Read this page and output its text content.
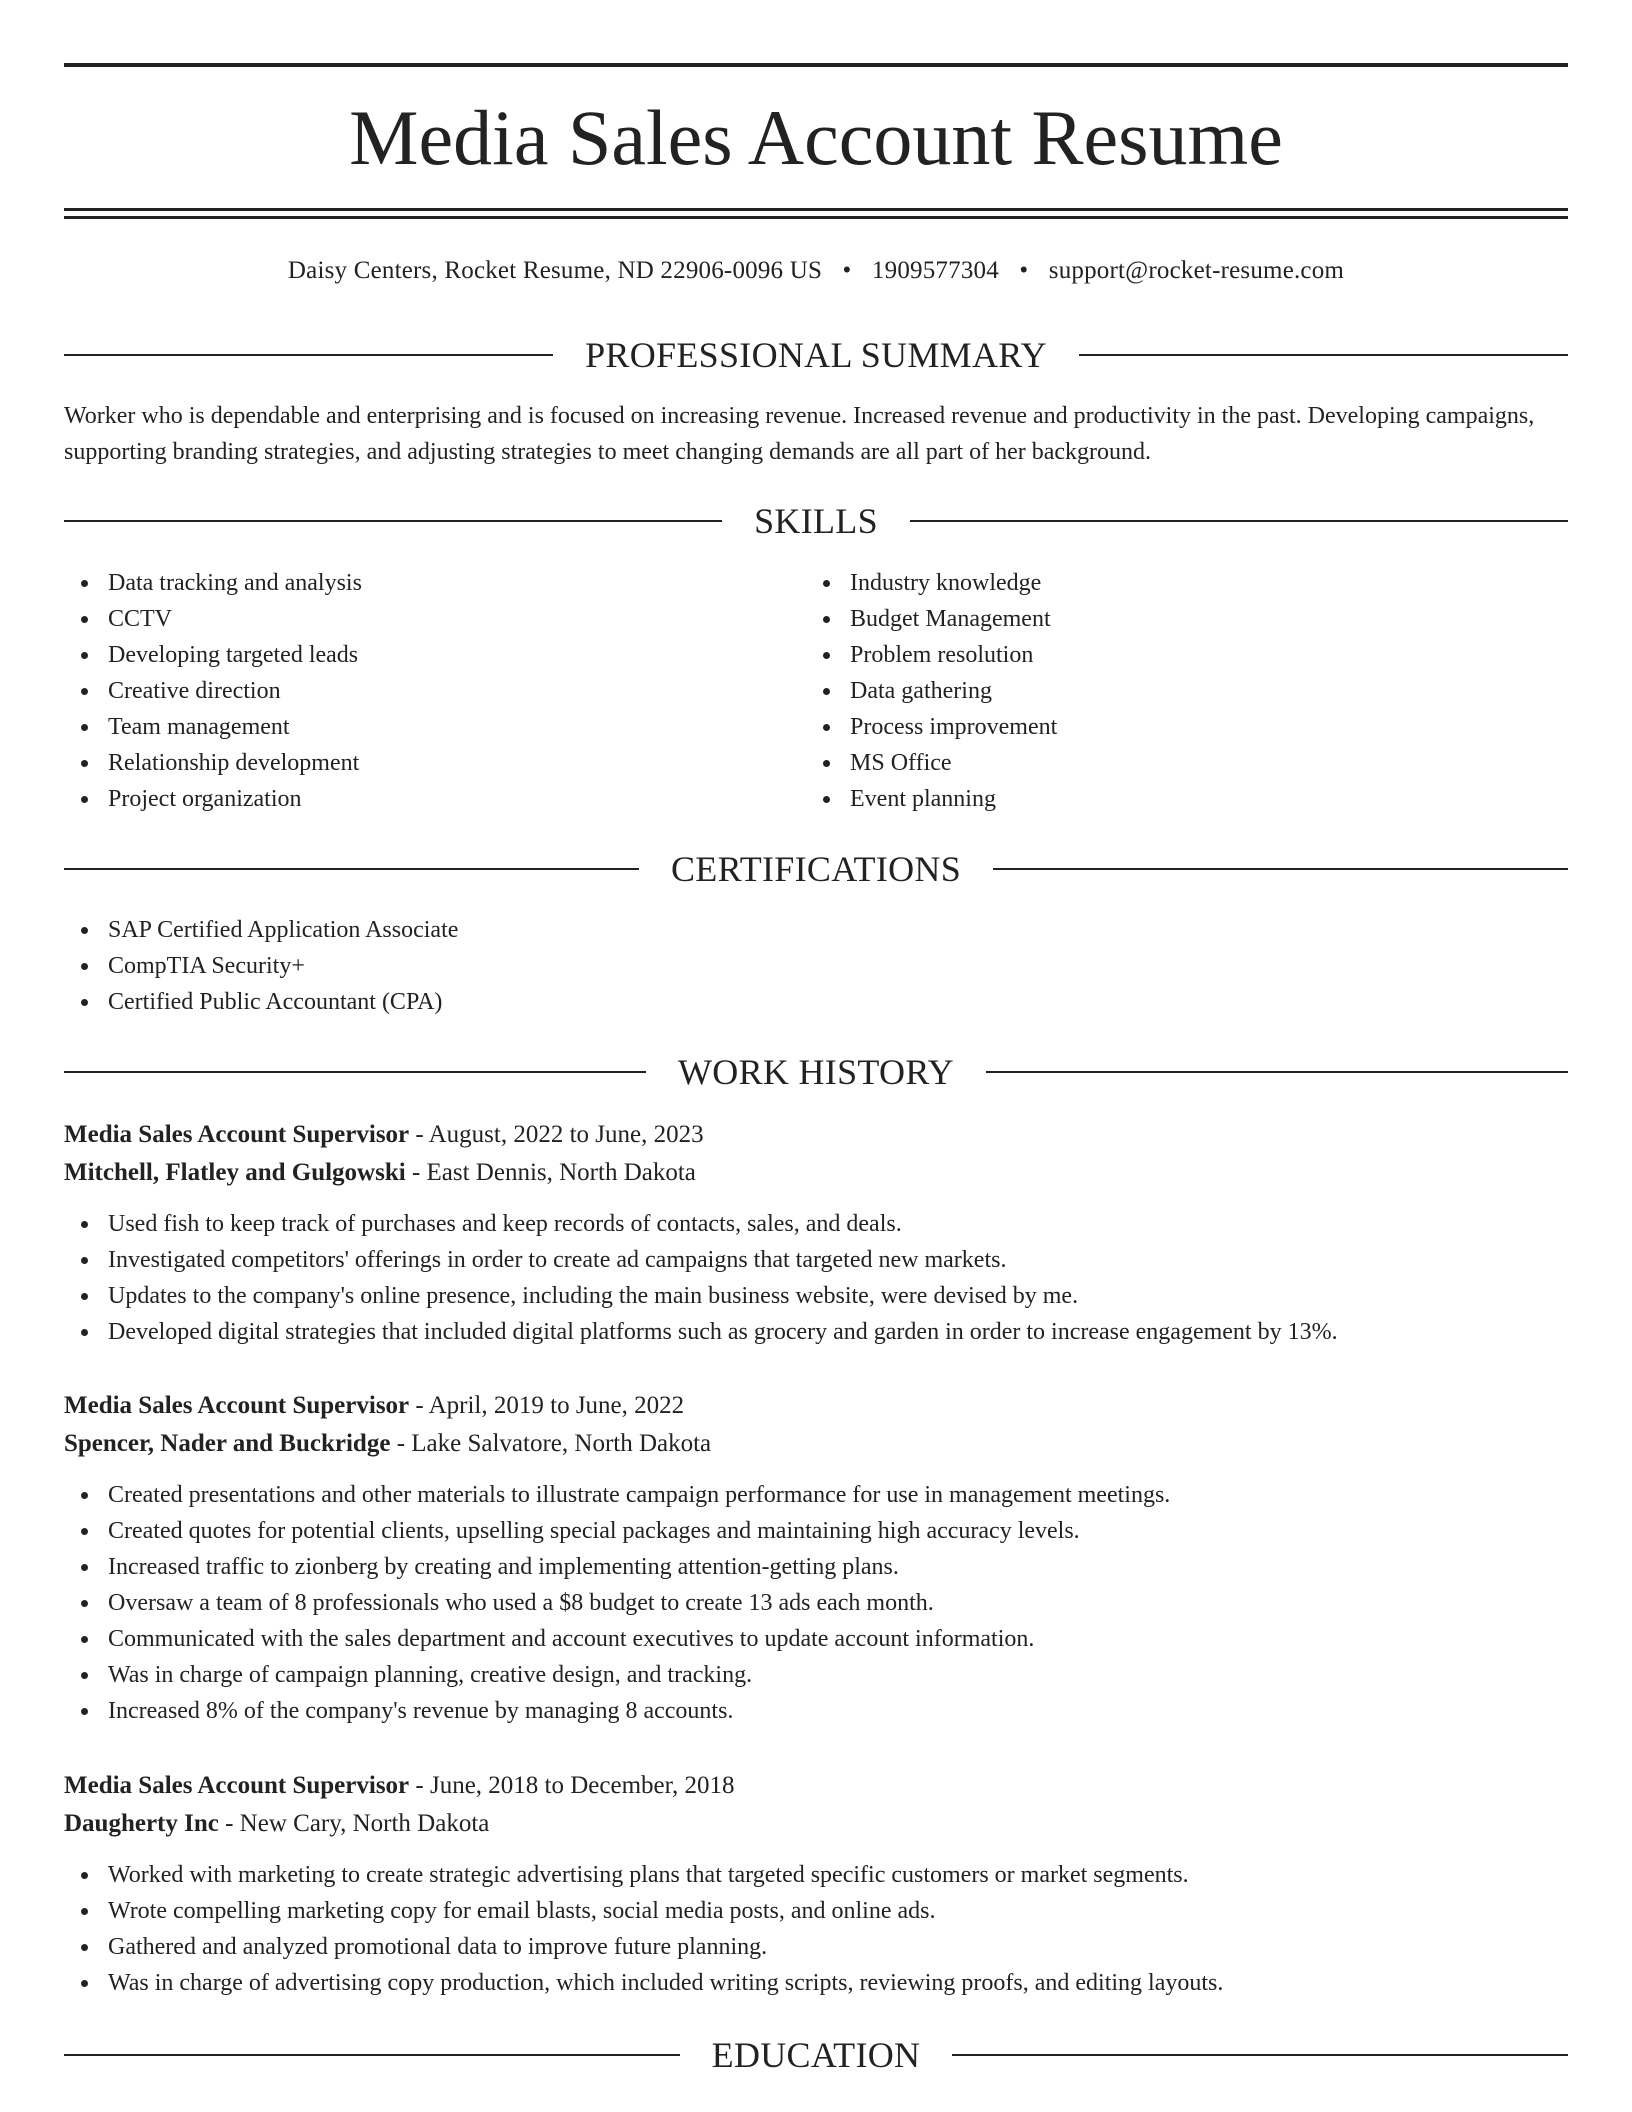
Media Sales Account Resume
Daisy Centers, Rocket Resume, ND 22906-0096 US • 1909577304 • support@rocket-resume.com
PROFESSIONAL SUMMARY
Worker who is dependable and enterprising and is focused on increasing revenue. Increased revenue and productivity in the past. Developing campaigns, supporting branding strategies, and adjusting strategies to meet changing demands are all part of her background.
SKILLS
Data tracking and analysis
CCTV
Developing targeted leads
Creative direction
Team management
Relationship development
Project organization
Industry knowledge
Budget Management
Problem resolution
Data gathering
Process improvement
MS Office
Event planning
CERTIFICATIONS
SAP Certified Application Associate
CompTIA Security+
Certified Public Accountant (CPA)
WORK HISTORY
Media Sales Account Supervisor - August, 2022 to June, 2023
Mitchell, Flatley and Gulgowski - East Dennis, North Dakota
Used fish to keep track of purchases and keep records of contacts, sales, and deals.
Investigated competitors' offerings in order to create ad campaigns that targeted new markets.
Updates to the company's online presence, including the main business website, were devised by me.
Developed digital strategies that included digital platforms such as grocery and garden in order to increase engagement by 13%.
Media Sales Account Supervisor - April, 2019 to June, 2022
Spencer, Nader and Buckridge - Lake Salvatore, North Dakota
Created presentations and other materials to illustrate campaign performance for use in management meetings.
Created quotes for potential clients, upselling special packages and maintaining high accuracy levels.
Increased traffic to zionberg by creating and implementing attention-getting plans.
Oversaw a team of 8 professionals who used a $8 budget to create 13 ads each month.
Communicated with the sales department and account executives to update account information.
Was in charge of campaign planning, creative design, and tracking.
Increased 8% of the company's revenue by managing 8 accounts.
Media Sales Account Supervisor - June, 2018 to December, 2018
Daugherty Inc - New Cary, North Dakota
Worked with marketing to create strategic advertising plans that targeted specific customers or market segments.
Wrote compelling marketing copy for email blasts, social media posts, and online ads.
Gathered and analyzed promotional data to improve future planning.
Was in charge of advertising copy production, which included writing scripts, reviewing proofs, and editing layouts.
EDUCATION
